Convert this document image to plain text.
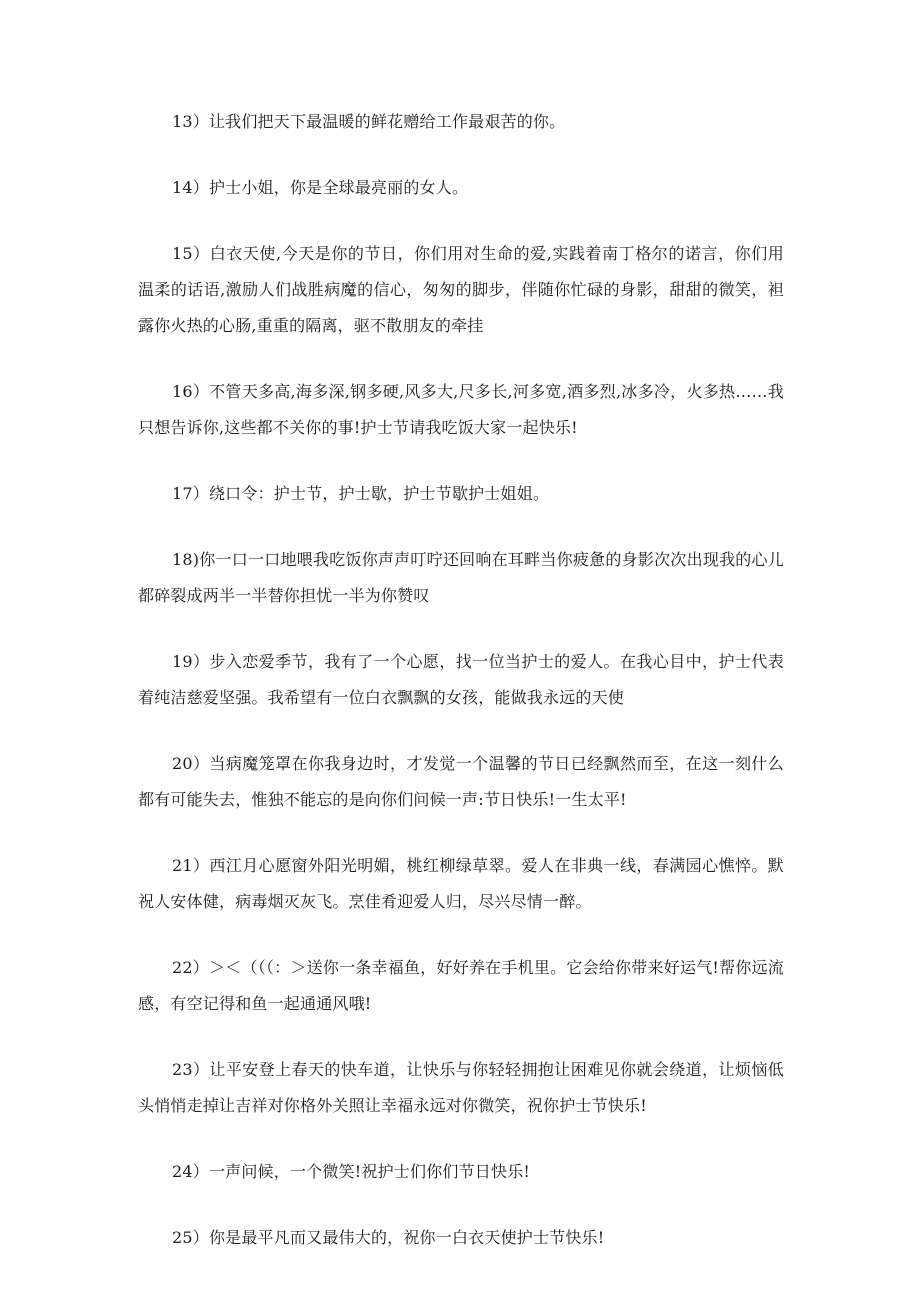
13）让我们把天下最温暖的鲜花赠给工作最艰苦的你。

14）护士小姐，你是全球最亮丽的女人。

15）白衣天使,今天是你的节日，你们用对生命的爱,实践着南丁格尔的诺言，你们用温柔的话语,激励人们战胜病魔的信心，匆匆的脚步，伴随你忙碌的身影，甜甜的微笑，袒露你火热的心肠,重重的隔离，驱不散朋友的牵挂

16）不管天多高,海多深,钢多硬,风多大,尺多长,河多宽,酒多烈,冰多冷，火多热……我只想告诉你,这些都不关你的事!护士节请我吃饭大家一起快乐!

17）绕口令：护士节，护士歇，护士节歇护士姐姐。

18)你一口一口地喂我吃饭你声声叮咛还回响在耳畔当你疲惫的身影次次出现我的心儿都碎裂成两半一半替你担忧一半为你赞叹

19）步入恋爱季节，我有了一个心愿，找一位当护士的爱人。在我心目中，护士代表着纯洁慈爱坚强。我希望有一位白衣飘飘的女孩，能做我永远的天使

20）当病魔笼罩在你我身边时，才发觉一个温馨的节日已经飘然而至，在这一刻什么都有可能失去，惟独不能忘的是向你们问候一声:节日快乐!一生太平!

21）西江月心愿窗外阳光明媚，桃红柳绿草翠。爱人在非典一线，春满园心憔悴。默祝人安体健，病毒烟灭灰飞。烹佳肴迎爱人归，尽兴尽情一醉。

22）＞＜（（（：＞送你一条幸福鱼，好好养在手机里。它会给你带来好运气!帮你远流感，有空记得和鱼一起通通风哦!

23）让平安登上春天的快车道，让快乐与你轻轻拥抱让困难见你就会绕道，让烦恼低头悄悄走掉让吉祥对你格外关照让幸福永远对你微笑，祝你护士节快乐!

24）一声问候，一个微笑!祝护士们你们节日快乐!

25）你是最平凡而又最伟大的，祝你一白衣天使护士节快乐!
